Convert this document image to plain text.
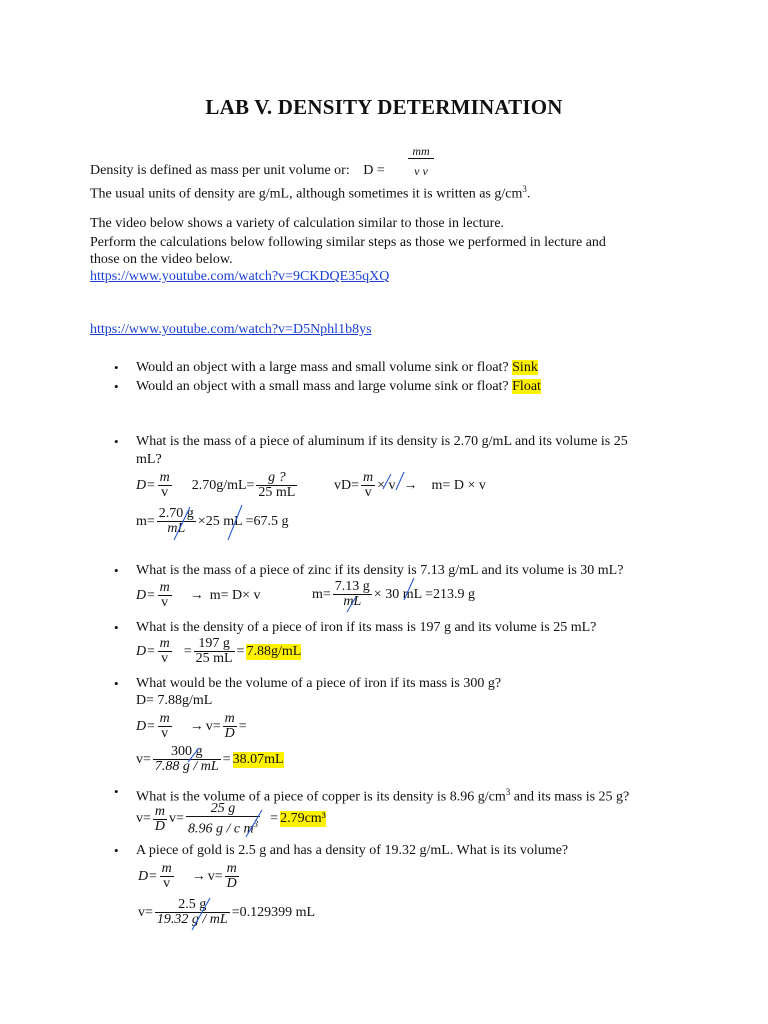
LAB V. DENSITY DETERMINATION
Density is defined as mass per unit volume or: D =
mm
v v
The usual units of density are g/mL, although sometimes it is written as $g/cm^3$.
The video below shows a variety of calculation similar to those in lecture.
Perform the calculations below following similar steps as those we performed in lecture and
those on the video below.
https://www.youtube.com/watch?v=9CKDQE35qXQ
https://www.youtube.com/watch?v=D5Nphl1b8ys
• Would an object with a large mass and small volume sink or float? Sink
• Would an object with a small mass and large volume sink or float? Float
• What is the mass of a piece of aluminum if its density is 2.70 g/mL and its volume is 25
mL?
$D= \frac{m}{v} 2.70g/mL= \frac{g ?}{25 mL}$	$vD= \frac{m}{v} \times v \to m= D \times v$
$m= \frac{2.70 g}{mL} \times 25$ mL =67.5 g
• What is the mass of a piece of zinc if its density is 7.13 g/mL and its volume is 30 mL?
$D= \frac{m}{v} \to m= D\times v$	$m= \frac{7.13 g}{mL} \times 30$ mL =213.9 g
• What is the density of a piece of iron if its mass is 197 g and its volume is 25 mL?
$D= \frac{m}{v} = \frac{197 g}{25 mL} = 7.88g/mL$
• What would be the volume of a piece of iron if its mass is 300 g?
D= 7.88g/mL
$D= \frac{m}{v} \to v= \frac{m}{D}$ =
$v= \frac{300 g}{7.88 g / mL} = 38.07mL$
• What is the volume of a piece of copper is its density is 8.96 $g/cm^3$ and its mass is 25 g?
$v= \frac{m}{D} v= \frac{25 g}{8.96 g / c m^3} = 2.79cm^3$
• A piece of gold is 2.5 g and has a density of 19.32 g/mL. What is its volume?
$D= \frac{m}{v} \to v= \frac{m}{D}$
$v= \frac{2.5 g}{19.32 g / mL} =0.129399$ mL
